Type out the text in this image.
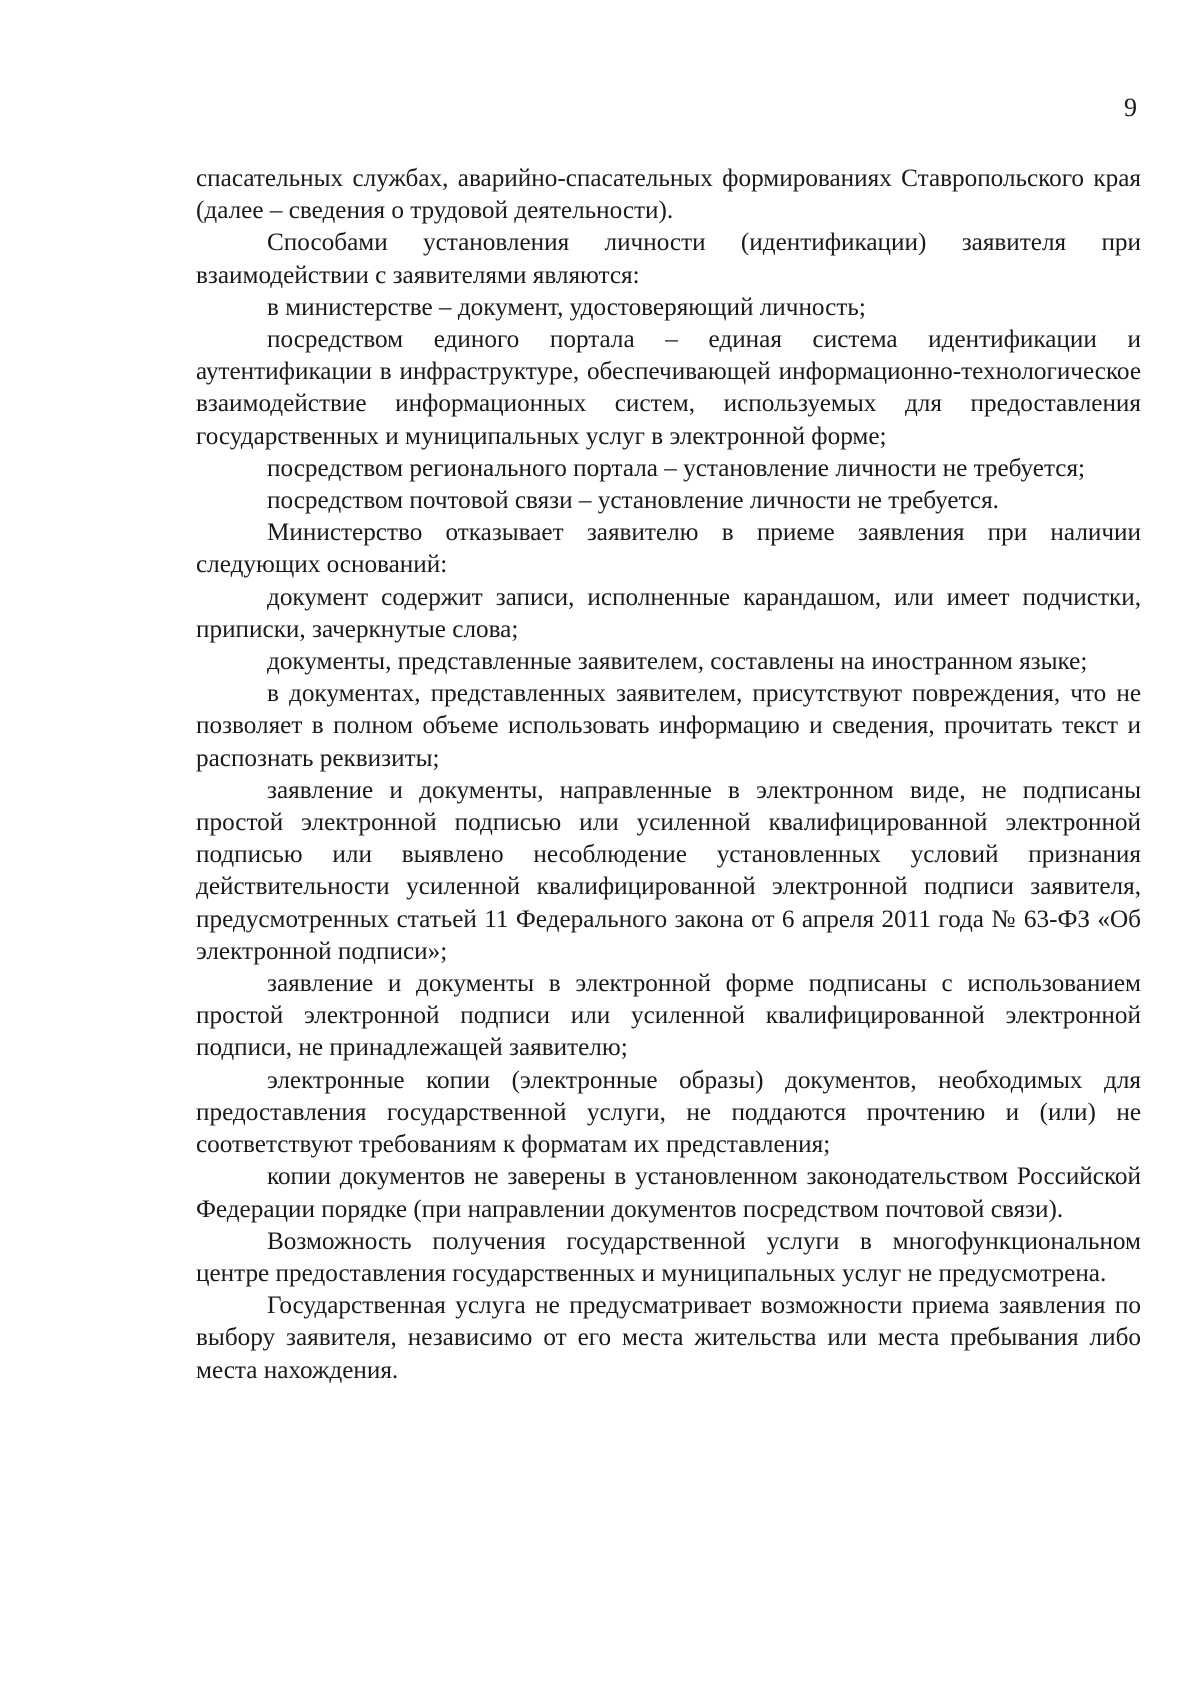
9

спасательных службах, аварийно-спасательных формированиях Ставропольского края (далее – сведения о трудовой деятельности).

Способами установления личности (идентификации) заявителя при взаимодействии с заявителями являются:

в министерстве – документ, удостоверяющий личность;

посредством единого портала – единая система идентификации и аутентификации в инфраструктуре, обеспечивающей информационно-технологическое взаимодействие информационных систем, используемых для предоставления государственных и муниципальных услуг в электронной форме;

посредством регионального портала – установление личности не требуется;

посредством почтовой связи – установление личности не требуется.

Министерство отказывает заявителю в приеме заявления при наличии следующих оснований:

документ содержит записи, исполненные карандашом, или имеет подчистки, приписки, зачеркнутые слова;

документы, представленные заявителем, составлены на иностранном языке;

в документах, представленных заявителем, присутствуют повреждения, что не позволяет в полном объеме использовать информацию и сведения, прочитать текст и распознать реквизиты;

заявление и документы, направленные в электронном виде, не подписаны простой электронной подписью или усиленной квалифицированной электронной подписью или выявлено несоблюдение установленных условий признания действительности усиленной квалифицированной электронной подписи заявителя, предусмотренных статьей 11 Федерального закона от 6 апреля 2011 года № 63-ФЗ «Об электронной подписи»;

заявление и документы в электронной форме подписаны с использованием простой электронной подписи или усиленной квалифицированной электронной подписи, не принадлежащей заявителю;

электронные копии (электронные образы) документов, необходимых для предоставления государственной услуги, не поддаются прочтению и (или) не соответствуют требованиям к форматам их представления;

копии документов не заверены в установленном законодательством Российской Федерации порядке (при направлении документов посредством почтовой связи).

Возможность получения государственной услуги в многофункциональном центре предоставления государственных и муниципальных услуг не предусмотрена.

Государственная услуга не предусматривает возможности приема заявления по выбору заявителя, независимо от его места жительства или места пребывания либо места нахождения.
